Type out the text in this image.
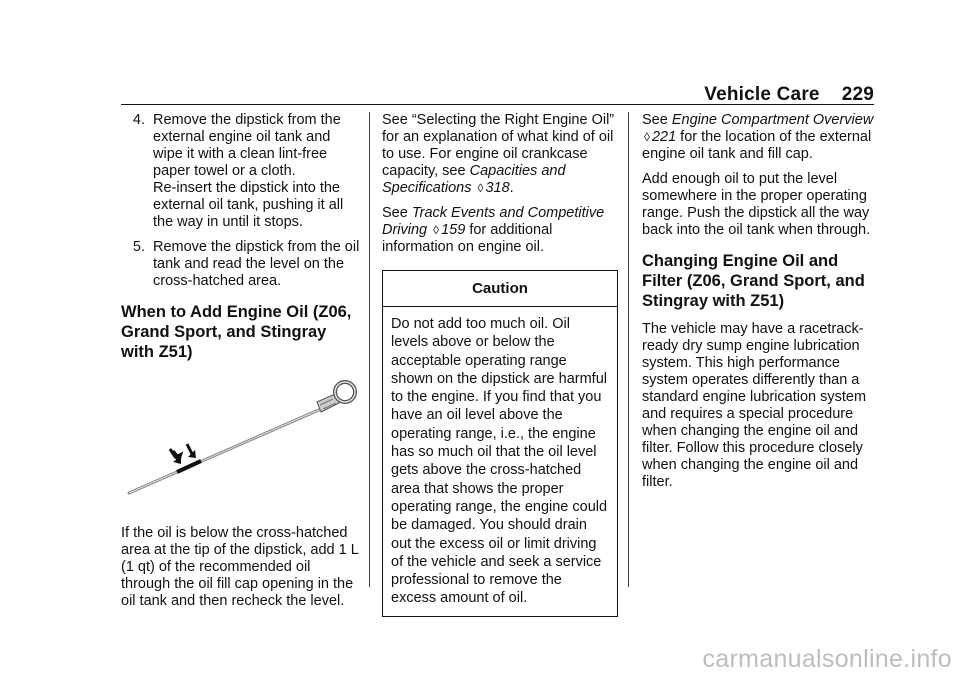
Vehicle Care 229
4. Remove the dipstick from the external engine oil tank and wipe it with a clean lint-free paper towel or a cloth.
Re-insert the dipstick into the external oil tank, pushing it all the way in until it stops.
5. Remove the dipstick from the oil tank and read the level on the cross-hatched area.
When to Add Engine Oil (Z06, Grand Sport, and Stingray with Z51)

If the oil is below the cross-hatched area at the tip of the dipstick, add 1 L (1 qt) of the recommended oil through the oil fill cap opening in the oil tank and then recheck the level.

See “Selecting the Right Engine Oil” for an explanation of what kind of oil to use. For engine oil crankcase capacity, see Capacities and Specifications ◊ 318.

See Track Events and Competitive Driving ◊ 159 for additional information on engine oil.

Caution
Do not add too much oil. Oil levels above or below the acceptable operating range shown on the dipstick are harmful to the engine. If you find that you have an oil level above the operating range, i.e., the engine has so much oil that the oil level gets above the cross-hatched area that shows the proper operating range, the engine could be damaged. You should drain out the excess oil or limit driving of the vehicle and seek a service professional to remove the excess amount of oil.

See Engine Compartment Overview
◊ 221 for the location of the external engine oil tank and fill cap.

Add enough oil to put the level somewhere in the proper operating range. Push the dipstick all the way back into the oil tank when through.

Changing Engine Oil and Filter (Z06, Grand Sport, and Stingray with Z51)

The vehicle may have a racetrack-ready dry sump engine lubrication system. This high performance system operates differently than a standard engine lubrication system and requires a special procedure when changing the engine oil and filter. Follow this procedure closely when changing the engine oil and filter.

carmanualsonline.info
